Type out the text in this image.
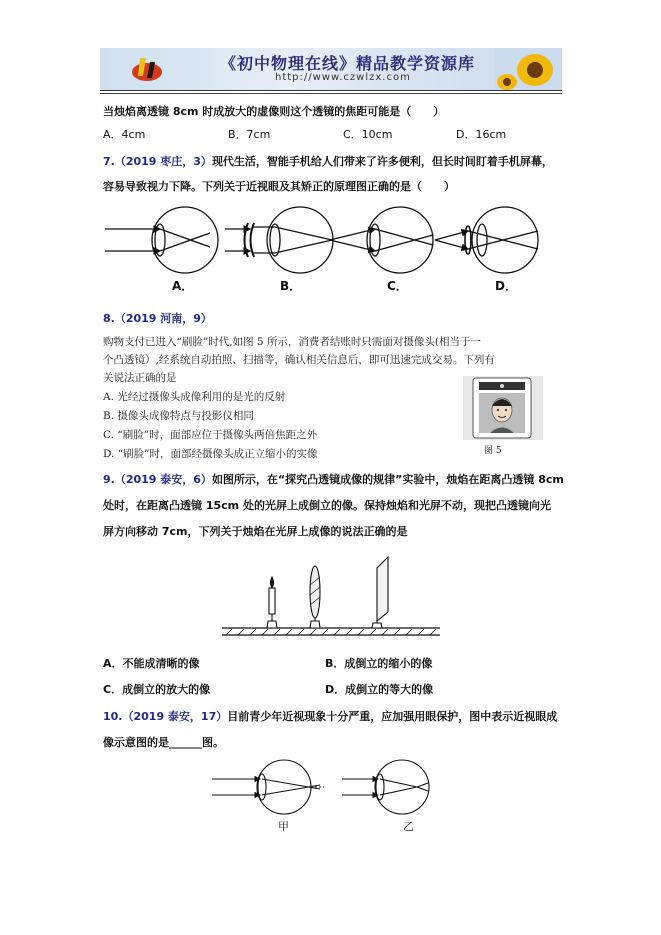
《初中物理在线》精品教学资源库
http://www.czwlzx.com
当烛焰离透镜 8cm 时成放大的虚像则这个透镜的焦距可能是（　　）
A．4cm	B．7cm	C．10cm	D．16cm
7.（2019 枣庄，3）现代生活，智能手机给人们带来了许多便利，但长时间盯着手机屏幕，
容易导致视力下降。下列关于近视眼及其矫正的原理图正确的是（　　）
A．	B．	C．	D．
8.（2019 河南，9）
购物支付已进入“刷脸”时代,如图 5 所示，消费者结账时只需面对摄像头(相当于一
个凸透镜）,经系统自动拍照、扫描等，确认相关信息后，即可迅速完成交易。下列有
关说法正确的是
A. 光经过摄像头成像利用的是光的反射
B. 摄像头成像特点与投影仪相同
C. “刷脸”时，面部应位于摄像头两倍焦距之外
D. “刷脸”时，面部经摄像头成正立缩小的实像	图 5
9.（2019 泰安，6）如图所示，在“探究凸透镜成像的规律”实验中，烛焰在距离凸透镜 8cm
处时，在距离凸透镜 15cm 处的光屏上成倒立的像。保持烛焰和光屏不动，现把凸透镜向光
屏方向移动 7cm，下列关于烛焰在光屏上成像的说法正确的是
A．不能成清晰的像	B．成倒立的缩小的像
C．成倒立的放大的像	D．成倒立的等大的像
10.（2019 泰安，17）目前青少年近视现象十分严重，应加强用眼保护，图中表示近视眼成
像示意图的是______图。
甲	乙
